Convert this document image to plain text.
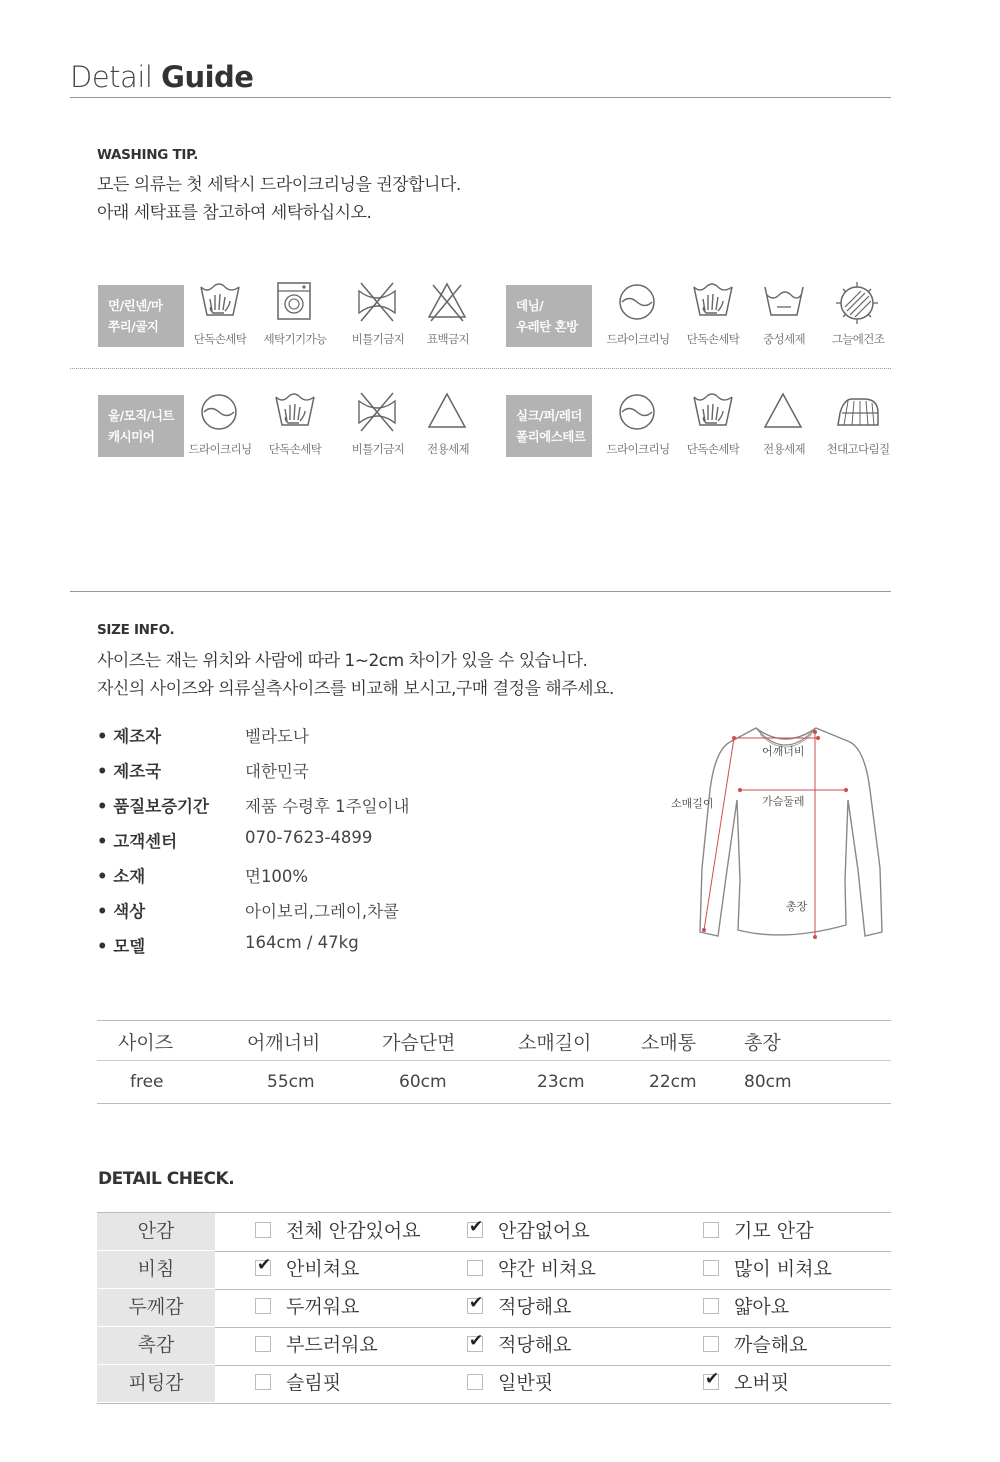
Detail Guide
WASHING TIP.
모든 의류는 첫 세탁시 드라이크리닝을 권장합니다.
아래 세탁표를 참고하여 세탁하십시오.
면/린넨/마
쭈리/골지
단독손세탁	세탁기기가능	비틀기금지	표백금지
데님/
우레탄 혼방
드라이크리닝	단독손세탁	중성세제	그늘에건조
울/모직/니트
캐시미어
드라이크리닝	단독손세탁	비틀기금지	전용세제
실크/퍼/레더
폴리에스테르
드라이크리닝	단독손세탁	전용세제	천대고다림질
SIZE INFO.
사이즈는 재는 위치와 사람에 따라 1~2cm 차이가 있을 수 있습니다.
자신의 사이즈와 의류실측사이즈를 비교해 보시고,구매 결정을 해주세요.
• 제조자	벨라도나
• 제조국	대한민국
• 품질보증기간	제품 수령후 1주일이내
• 고객센터	070-7623-4899
• 소재	면100%
• 색상	아이보리,그레이,차콜
• 모델	164cm / 47kg
어깨너비
가슴둘레
소매길이
총장
사이즈	어깨너비	가슴단면	소매길이	소매통	총장
free	55cm	60cm	23cm	22cm	80cm
DETAIL CHECK.
안감	전체 안감있어요	✔ 안감없어요	기모 안감
비침	✔ 안비쳐요	약간 비쳐요	많이 비쳐요
두께감	두꺼워요	✔ 적당해요	얇아요
촉감	부드러워요	✔ 적당해요	까슬해요
피팅감	슬림핏	일반핏	✔ 오버핏
